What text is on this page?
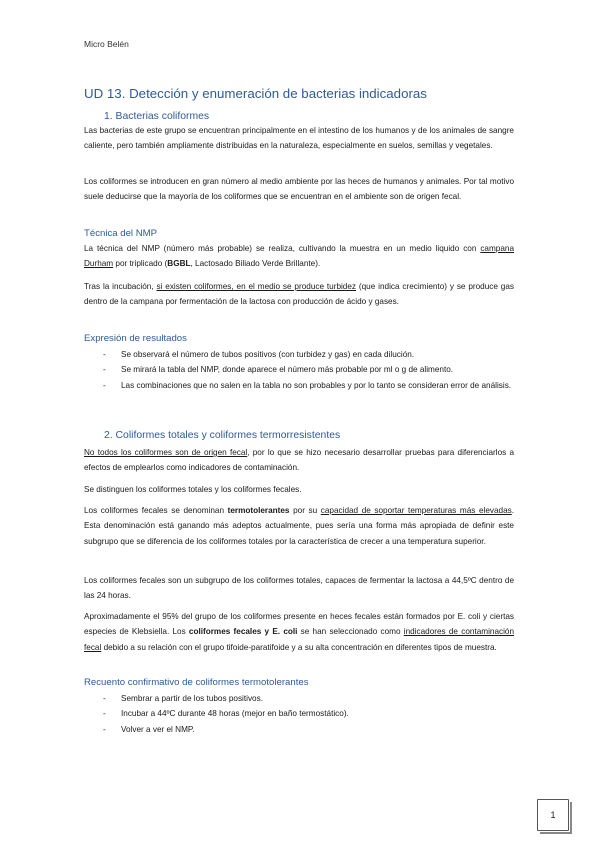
Micro Belén
UD 13. Detección y enumeración de bacterias indicadoras
1. Bacterias coliformes

Las bacterias de este grupo se encuentran principalmente en el intestino de los humanos y de los animales de sangre caliente, pero también ampliamente distribuidas en la naturaleza, especialmente en suelos, semillas y vegetales.

Los coliformes se introducen en gran número al medio ambiente por las heces de humanos y animales. Por tal motivo suele deducirse que la mayoría de los coliformes que se encuentran en el ambiente son de origen fecal.

Técnica del NMP

La técnica del NMP (número más probable) se realiza, cultivando la muestra en un medio liquido con campana Durham por triplicado (BGBL, Lactosado Biliado Verde Brillante).

Tras la incubación, si existen coliformes, en el medio se produce turbidez (que indica crecimiento) y se produce gas dentro de la campana por fermentación de la lactosa con producción de ácido y gases.

Expresión de resultados
- Se observará el número de tubos positivos (con turbidez y gas) en cada dilución.
- Se mirará la tabla del NMP, donde aparece el número más probable por ml o g de alimento.
- Las combinaciones que no salen en la tabla no son probables y por lo tanto se consideran error de análisis.
2. Coliformes totales y coliformes termorresistentes

No todos los coliformes son de origen fecal, por lo que se hizo necesario desarrollar pruebas para diferenciarlos a efectos de emplearlos como indicadores de contaminación.

Se distinguen los coliformes totales y los coliformes fecales.

Los coliformes fecales se denominan termotolerantes por su capacidad de soportar temperaturas más elevadas. Esta denominación está ganando más adeptos actualmente, pues sería una forma más apropiada de definir este subgrupo que se diferencia de los coliformes totales por la característica de crecer a una temperatura superior.

Los coliformes fecales son un subgrupo de los coliformes totales, capaces de fermentar la lactosa a 44,5ºC dentro de las 24 horas.

Aproximadamente el 95% del grupo de los coliformes presente en heces fecales están formados por E. coli y ciertas especies de Klebsiella. Los coliformes fecales y E. coli se han seleccionado como indicadores de contaminación fecal debido a su relación con el grupo tifoide-paratifoide y a su alta concentración en diferentes tipos de muestra.

Recuento confirmativo de coliformes termotolerantes
- Sembrar a partir de los tubos positivos.
- Incubar a 44ºC durante 48 horas (mejor en baño termostático).
- Volver a ver el NMP.
1
